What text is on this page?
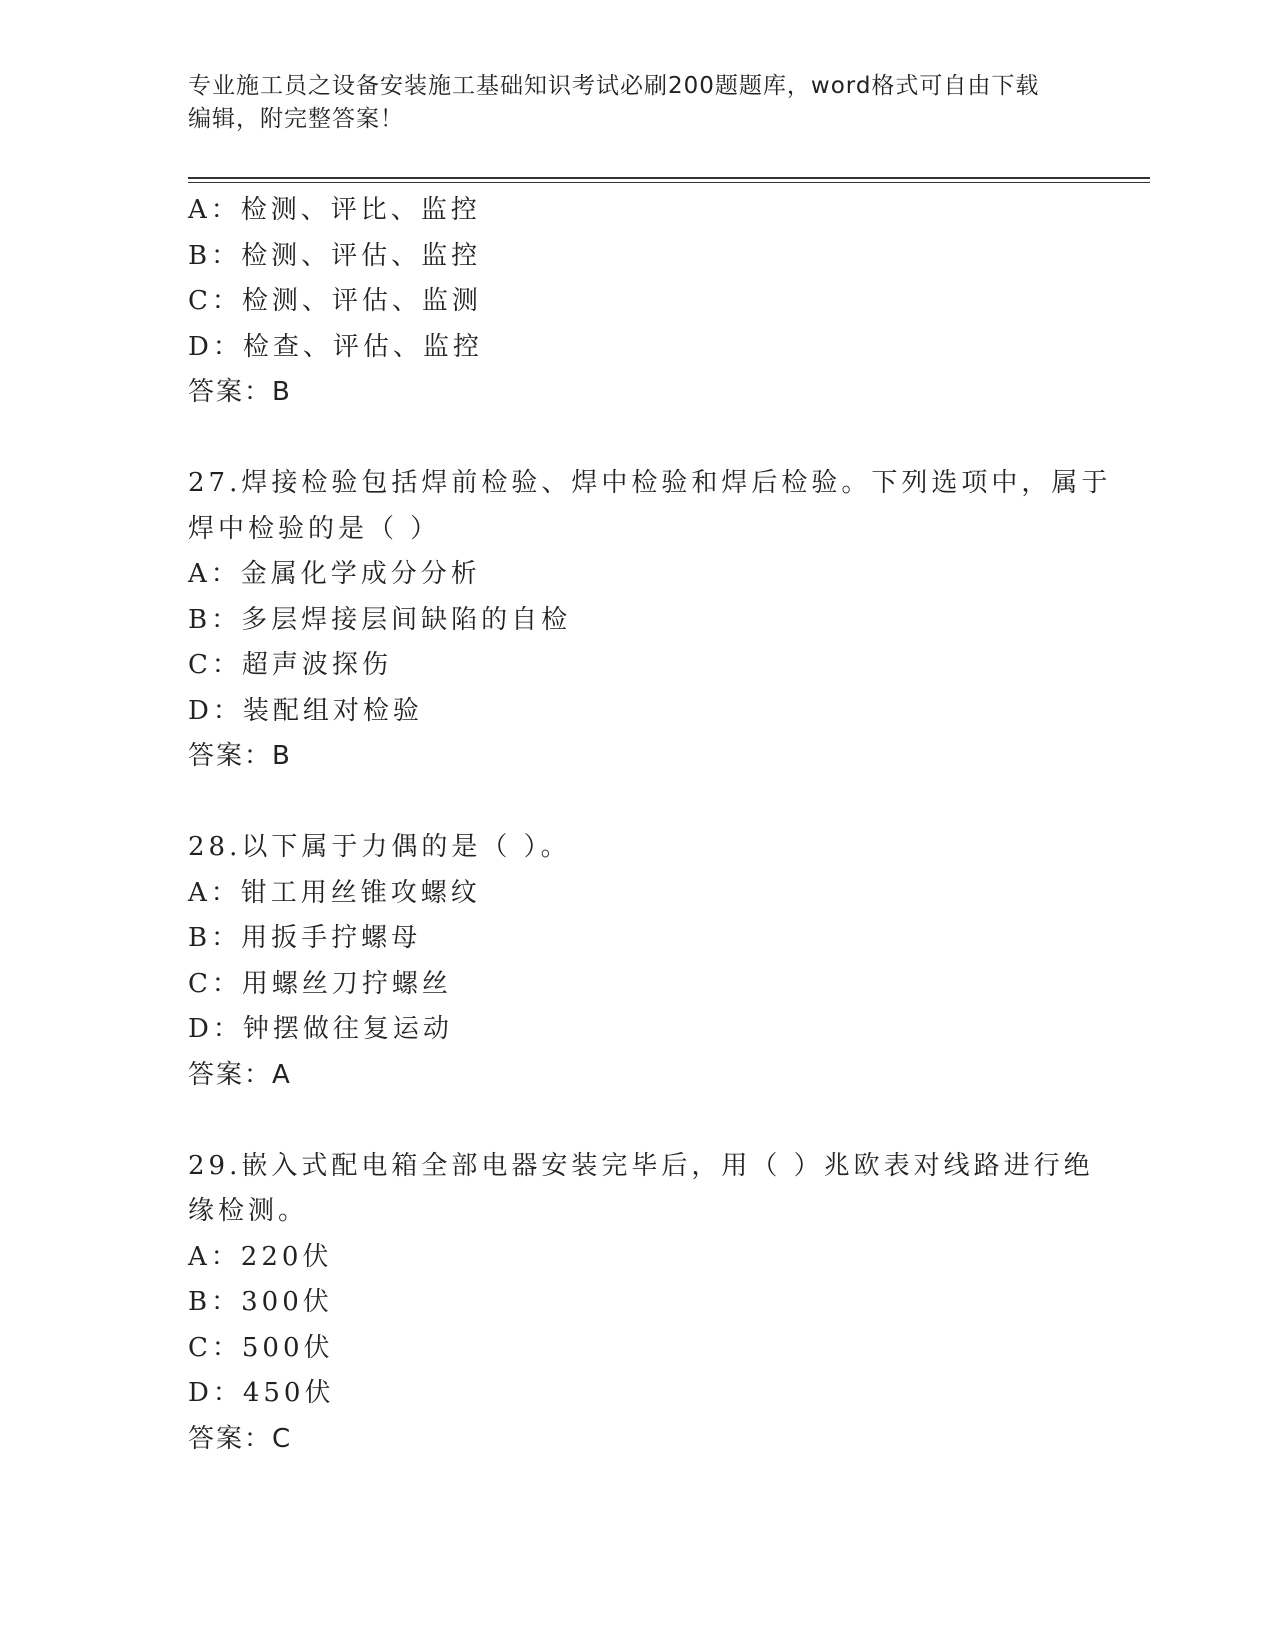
专业施工员之设备安装施工基础知识考试必刷200题题库，word格式可自由下载
编辑，附完整答案！
A：检测、评比、监控
B：检测、评估、监控
C：检测、评估、监测
D：检查、评估、监控
答案：B
27.焊接检验包括焊前检验、焊中检验和焊后检验。下列选项中，属于
焊中检验的是（ ）
A：金属化学成分分析
B：多层焊接层间缺陷的自检
C：超声波探伤
D：装配组对检验
答案：B
28.以下属于力偶的是（ ）。
A：钳工用丝锥攻螺纹
B：用扳手拧螺母
C：用螺丝刀拧螺丝
D：钟摆做往复运动
答案：A
29.嵌入式配电箱全部电器安装完毕后，用（ ）兆欧表对线路进行绝
缘检测。
A：220伏
B：300伏
C：500伏
D：450伏
答案：C
